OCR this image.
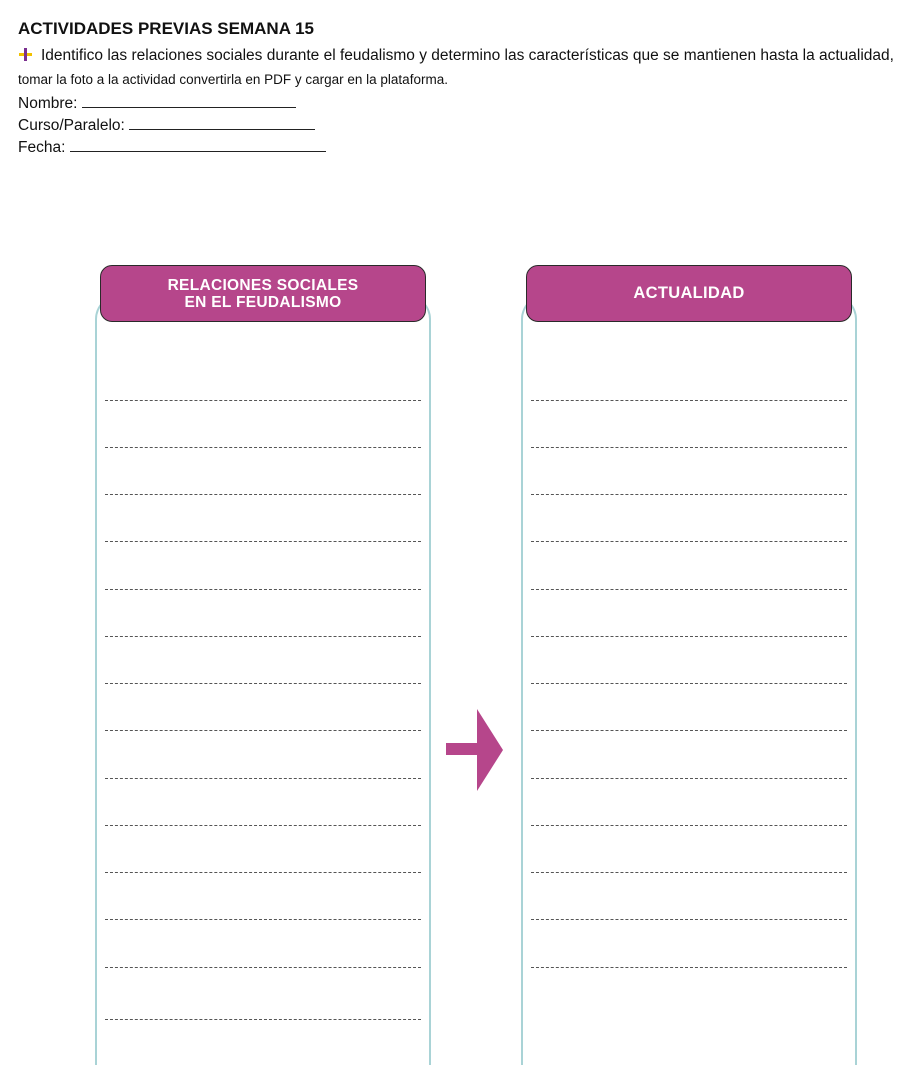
ACTIVIDADES PREVIAS SEMANA 15

Identifico las relaciones sociales durante el feudalismo y determino las características que se mantienen hasta la actualidad, tomar la foto a la actividad convertirla en PDF y cargar en la plataforma.

Nombre:

Curso/Paralelo:

Fecha:

RELACIONES SOCIALES
EN EL FEUDALISMO	ACTUALIDAD
